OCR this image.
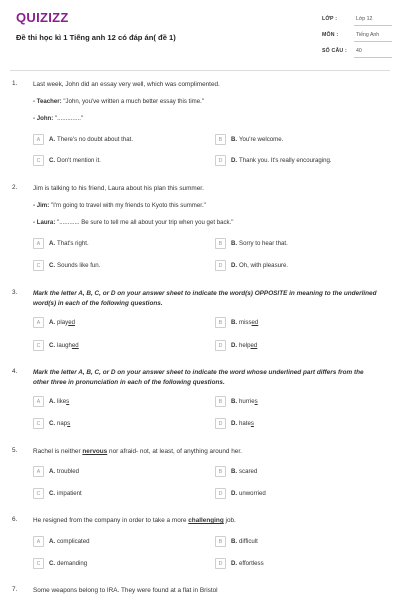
QUIZIZZ
Đề thi học kì 1 Tiếng anh 12 có đáp án( đề 1)
LỚP :	Lớp 12
MÔN :	Tiếng Anh
SỐ CÂU : 40
1. Last week, John did an essay very well, which was complimented.
- Teacher: "John, you've written a much better essay this time."
- John: ".............."
A	A. There's no doubt about that.	B	B. You're welcome.
C	C. Don't mention it.	D	D. Thank you. It's really encouraging.
2. Jim is talking to his friend, Laura about his plan this summer.
- Jim: "I'm going to travel with my friends to Kyoto this summer."
- Laura: "............ Be sure to tell me all about your trip when you get back."
A	A. That's right.	B	B. Sorry to hear that.
C	C. Sounds like fun.	D	D. Oh, with pleasure.
3. Mark the letter A, B, C, or D on your answer sheet to indicate the word(s) OPPOSITE in meaning to the underlined
word(s) in each of the following questions.
A	A. played	B	B. missed
C	C. laughed	D	D. helped
4. Mark the letter A, B, C, or D on your answer sheet to indicate the word whose underlined part differs from the
other three in pronunciation in each of the following questions.
A	A. likes	B	B. hurries
C	C. naps	D	D. hates
5. Rachel is neither nervous nor afraid- not, at least, of anything around her.
A	A. troubled	B	B. scared
C	C. impatient	D	D. unworried
6. He resigned from the company in order to take a more challenging job.
A	A. complicated	B	B. difficult
C	C. demanding	D	D. effortless
7. Some weapons belong to IRA. They were found at a flat in Bristol
